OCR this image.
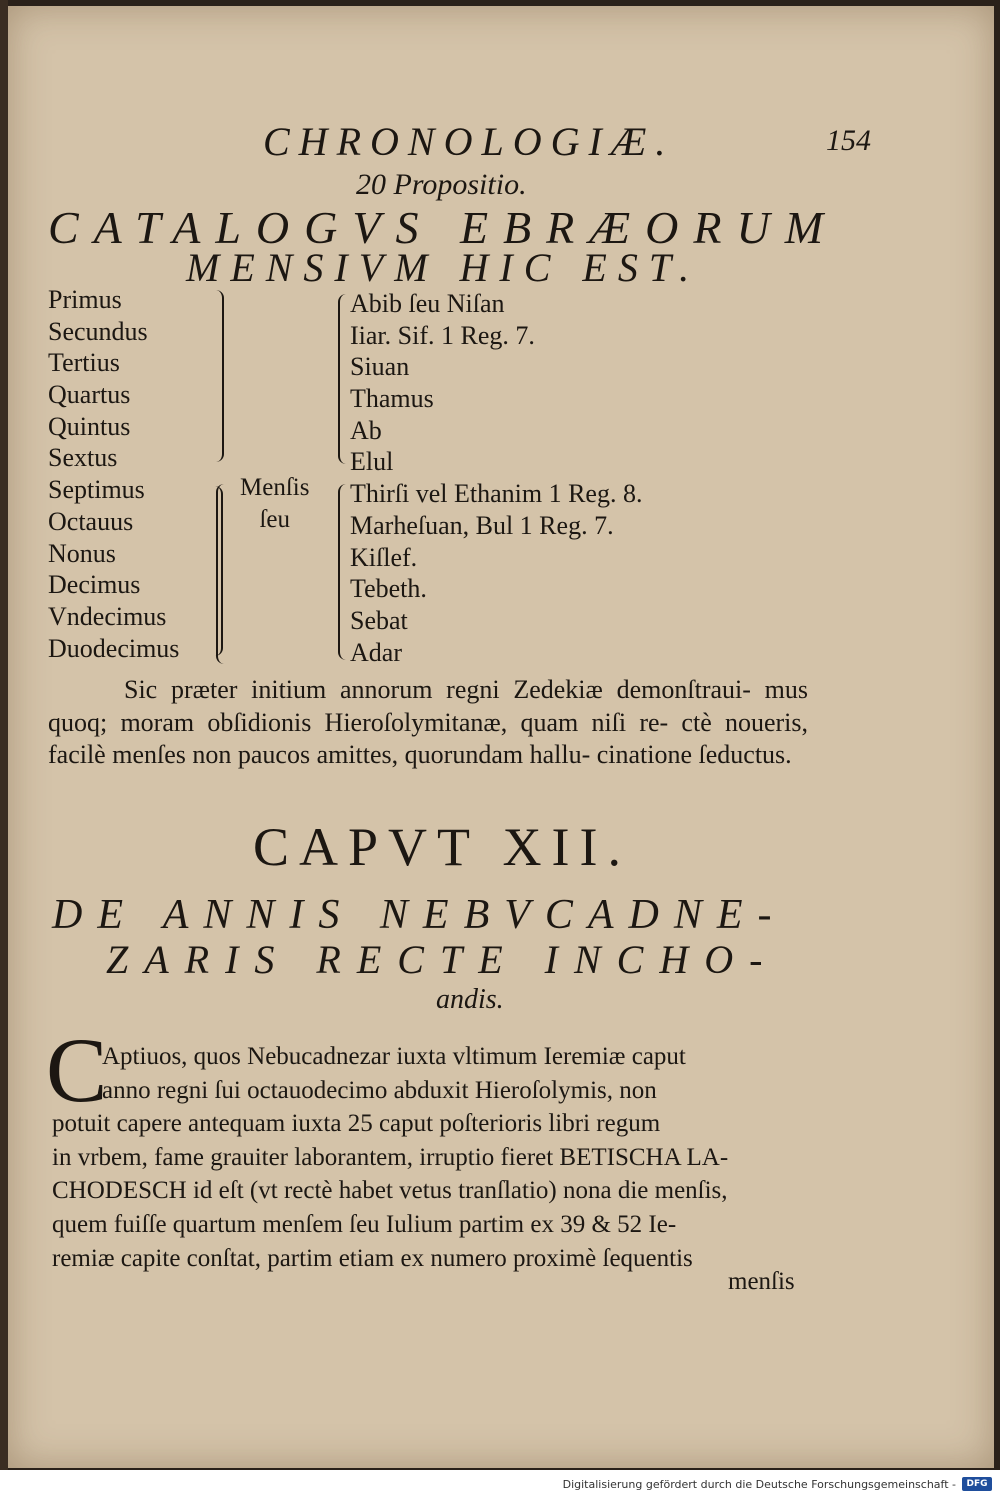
CHRONOLOGIÆ.	154
20 Propositio.
CATALOGVS EBRÆORUM
MENSIVM HIC EST.
Primus
Secundus
Tertius
Quartus
Quintus
Sextus
Septimus
Octauus
Nonus
Decimus
Vndecimus
Duodecimus
Menſis
ſeu
Abib ſeu Niſan
Iiar. Sif. 1 Reg. 7.
Siuan
Thamus
Ab
Elul
Thirſi vel Ethanim 1 Reg. 8.
Marheſuan, Bul 1 Reg. 7.
Kiſlef.
Tebeth.
Sebat
Adar
Sic præter initium annorum regni Zedekiæ demonſtraui- mus quoq; moram obſidionis Hieroſolymitanæ, quam niſi re- ctè noueris, facilè menſes non paucos amittes, quorundam hallu- cinatione ſeductus.
CAPVT XII.
DE ANNIS NEBVCADNE-
ZARIS RECTE INCHO-
andis.
C
Aptiuos, quos Nebucadnezar iuxta vltimum Ieremiæ caput
anno regni ſui octauodecimo abduxit Hieroſolymis, non
potuit capere antequam iuxta 25 caput poſterioris libri regum
in vrbem, fame grauiter laborantem, irruptio fieret BETISCHA LA-
CHODESCH id eſt (vt rectè habet vetus tranſlatio) nona die menſis,
quem fuiſſe quartum menſem ſeu Iulium partim ex 39 & 52 Ie-
remiæ capite conſtat, partim etiam ex numero proximè ſequentis
menſis
Digitalisierung gefördert durch die Deutsche Forschungsgemeinschaft -	DFG
